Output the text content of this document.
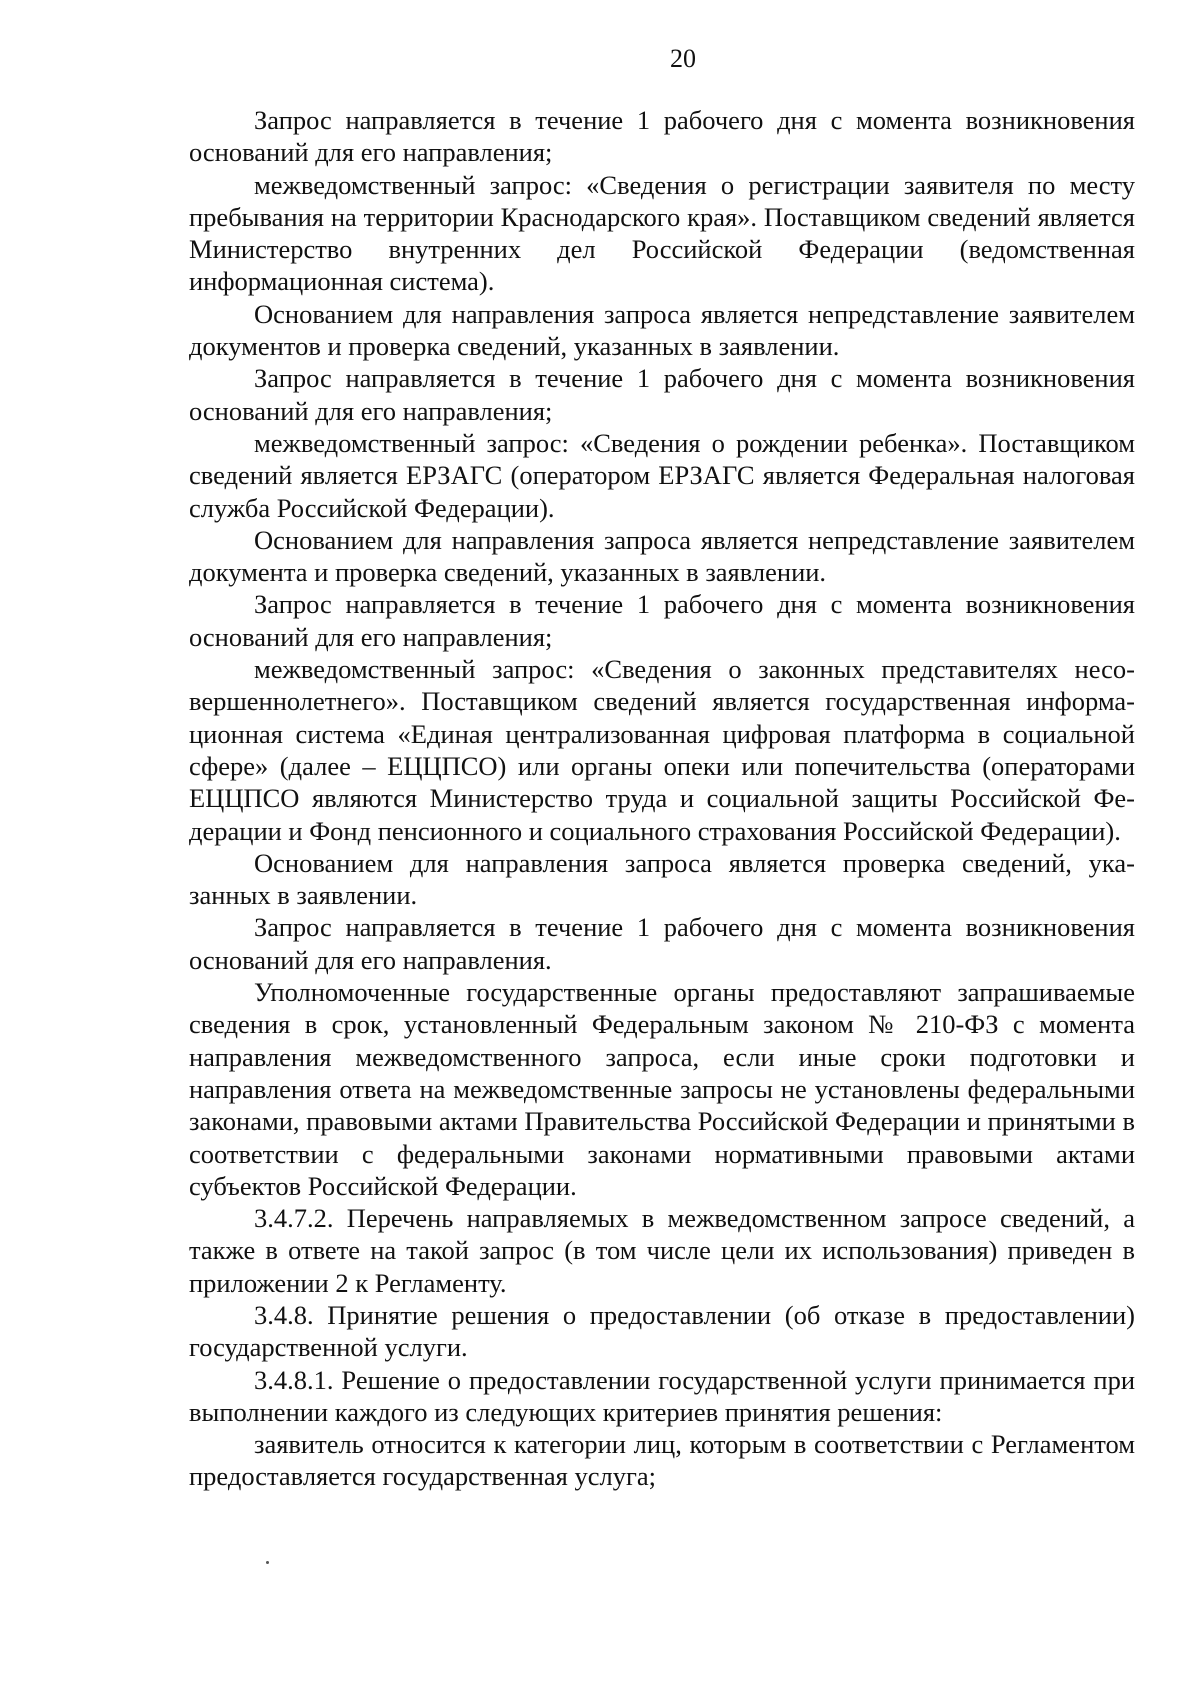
20

Запрос направляется в течение 1 рабочего дня с момента возникновения оснований для его направления;

межведомственный запрос: «Сведения о регистрации заявителя по месту пребывания на территории Краснодарского края». Поставщиком сведений является Министерство внутренних дел Российской Федерации (ведомственная информационная система).

Основанием для направления запроса является непредставление заявителем документов и проверка сведений, указанных в заявлении.

Запрос направляется в течение 1 рабочего дня с момента возникновения оснований для его направления;

межведомственный запрос: «Сведения о рождении ребенка». Поставщиком сведений является ЕРЗАГС (оператором ЕРЗАГС является Федеральная налоговая служба Российской Федерации).

Основанием для направления запроса является непредставление заявителем документа и проверка сведений, указанных в заявлении.

Запрос направляется в течение 1 рабочего дня с момента возникновения оснований для его направления;

межведомственный запрос: «Сведения о законных представителях несовершеннолетнего». Поставщиком сведений является государственная информационная система «Единая централизованная цифровая платформа в социальной сфере» (далее – ЕЦЦПСО) или органы опеки или попечительства (операторами ЕЦЦПСО являются Министерство труда и социальной защиты Российской Федерации и Фонд пенсионного и социального страхования Российской Федерации).

Основанием для направления запроса является проверка сведений, указанных в заявлении.

Запрос направляется в течение 1 рабочего дня с момента возникновения оснований для его направления.

Уполномоченные государственные органы предоставляют запрашиваемые сведения в срок, установленный Федеральным законом № 210-ФЗ с момента направления межведомственного запроса, если иные сроки подготовки и направления ответа на межведомственные запросы не установлены федеральными законами, правовыми актами Правительства Российской Федерации и принятыми в соответствии с федеральными законами нормативными правовыми актами субъектов Российской Федерации.

3.4.7.2. Перечень направляемых в межведомственном запросе сведений, а также в ответе на такой запрос (в том числе цели их использования) приведен в приложении 2 к Регламенту.

3.4.8. Принятие решения о предоставлении (об отказе в предоставлении) государственной услуги.

3.4.8.1. Решение о предоставлении государственной услуги принимается при выполнении каждого из следующих критериев принятия решения:

заявитель относится к категории лиц, которым в соответствии с Регламентом предоставляется государственная услуга;
